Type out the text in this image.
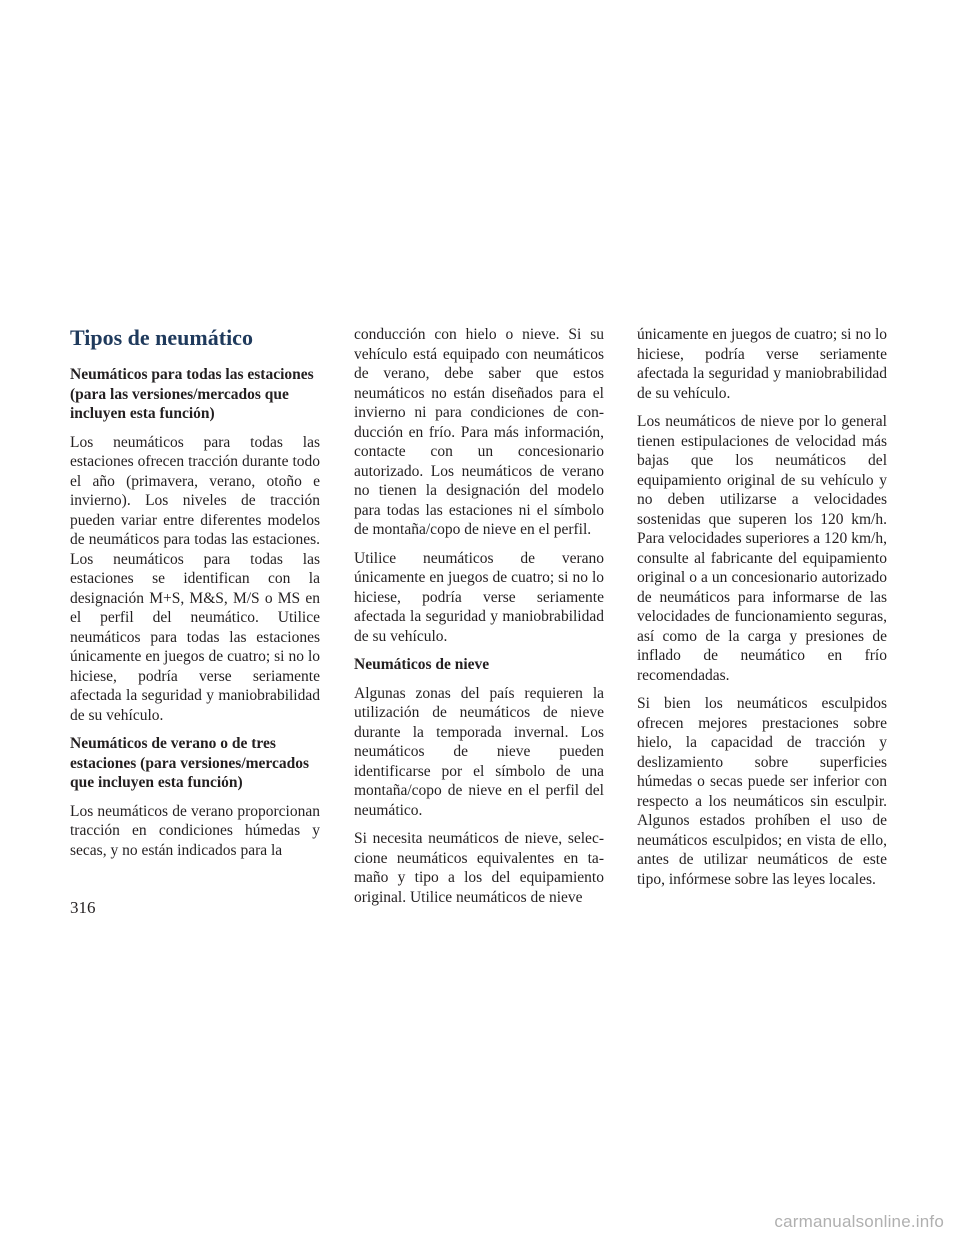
Tipos de neumático
Neumáticos para todas las estaciones (para las versiones/mercados que incluyen esta función)

Los neumáticos para todas las estaciones ofrecen tracción durante todo el año (primavera, verano, otoño e invierno). Los niveles de tracción pueden variar entre diferentes modelos de neumáticos para todas las estaciones. Los neumáticos para todas las estaciones se identifican con la designación M+S, M&S, M/S o MS en el perfil del neumático. Utilice neumáticos para todas las estaciones únicamente en juegos de cuatro; si no lo hiciese, podría verse seriamente afectada la seguridad y maniobrabilidad de su vehículo.

Neumáticos de verano o de tres estaciones (para versiones/mercados que incluyen esta función)

Los neumáticos de verano proporcionan tracción en condiciones húmedas y secas, y no están indicados para la

conducción con hielo o nieve. Si su vehículo está equipado con neumáticos de verano, debe saber que estos neumáticos no están diseñados para el invierno ni para condiciones de conducción en frío. Para más información, contacte con un concesionario autorizado. Los neumáticos de verano no tienen la designación del modelo para todas las estaciones ni el símbolo de montaña/copo de nieve en el perfil.

Utilice neumáticos de verano únicamente en juegos de cuatro; si no lo hiciese, podría verse seriamente afectada la seguridad y maniobrabilidad de su vehículo.

Neumáticos de nieve

Algunas zonas del país requieren la utilización de neumáticos de nieve durante la temporada invernal. Los neumáticos de nieve pueden identificarse por el símbolo de una montaña/copo de nieve en el perfil del neumático.

Si necesita neumáticos de nieve, seleccione neumáticos equivalentes en tamaño y tipo a los del equipamiento original. Utilice neumáticos de nieve

únicamente en juegos de cuatro; si no lo hiciese, podría verse seriamente afectada la seguridad y maniobrabilidad de su vehículo.

Los neumáticos de nieve por lo general tienen estipulaciones de velocidad más bajas que los neumáticos del equipamiento original de su vehículo y no deben utilizarse a velocidades sostenidas que superen los 120 km/h. Para velocidades superiores a 120 km/h, consulte al fabricante del equipamiento original o a un concesionario autorizado de neumáticos para informarse de las velocidades de funcionamiento seguras, así como de la carga y presiones de inflado de neumático en frío recomendadas.

Si bien los neumáticos esculpidos ofrecen mejores prestaciones sobre hielo, la capacidad de tracción y deslizamiento sobre superficies húmedas o secas puede ser inferior con respecto a los neumáticos sin esculpir. Algunos estados prohíben el uso de neumáticos esculpidos; en vista de ello, antes de utilizar neumáticos de este tipo, infórmese sobre las leyes locales.

316
carmanualsonline.info
